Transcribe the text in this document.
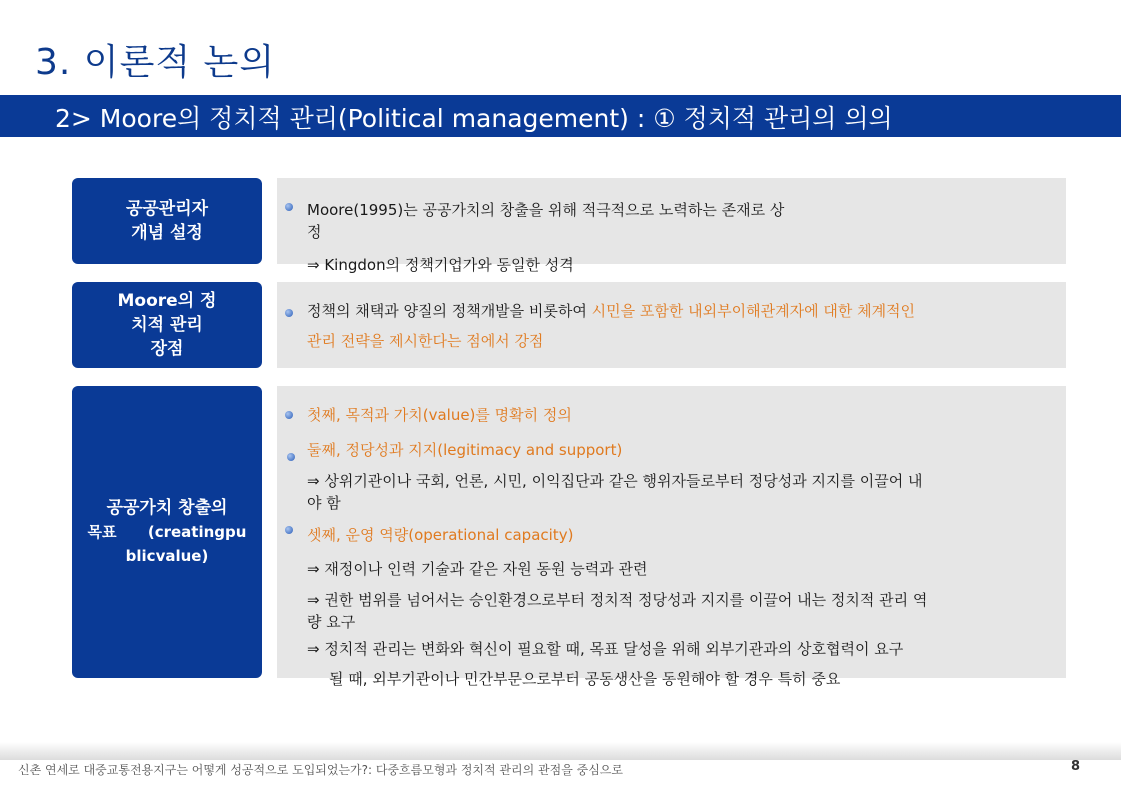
3. 이론적 논의
2> Moore의 정치적 관리(Political management) : ① 정치적 관리의 의의
공공관리자
개념 설정
Moore(1995)는 공공가치의 창출을 위해 적극적으로 노력하는 존재로 상
정
⇒ Kingdon의 정책기업가와 동일한 성격
Moore의 정
치적 관리
장점
정책의 채택과 양질의 정책개발을 비롯하여 시민을 포함한 내외부이해관계자에 대한 체계적인
관리 전략을 제시한다는 점에서 강점
공공가치 창출의
목표      (creatingpu
blicvalue)
첫째, 목적과 가치(value)를 명확히 정의
둘째, 정당성과 지지(legitimacy and support)
⇒ 상위기관이나 국회, 언론, 시민, 이익집단과 같은 행위자들로부터 정당성과 지지를 이끌어 내
야 함
셋째, 운영 역량(operational capacity)
⇒ 재정이나 인력 기술과 같은 자원 동원 능력과 관련
⇒ 권한 범위를 넘어서는 승인환경으로부터 정치적 정당성과 지지를 이끌어 내는 정치적 관리 역
량 요구
⇒ 정치적 관리는 변화와 혁신이 필요할 때, 목표 달성을 위해 외부기관과의 상호협력이 요구
될 때, 외부기관이나 민간부문으로부터 공동생산을 동원해야 할 경우 특히 중요
신촌 연세로 대중교통전용지구는 어떻게 성공적으로 도입되었는가?: 다중흐름모형과 정치적 관리의 관점을 중심으로	8
